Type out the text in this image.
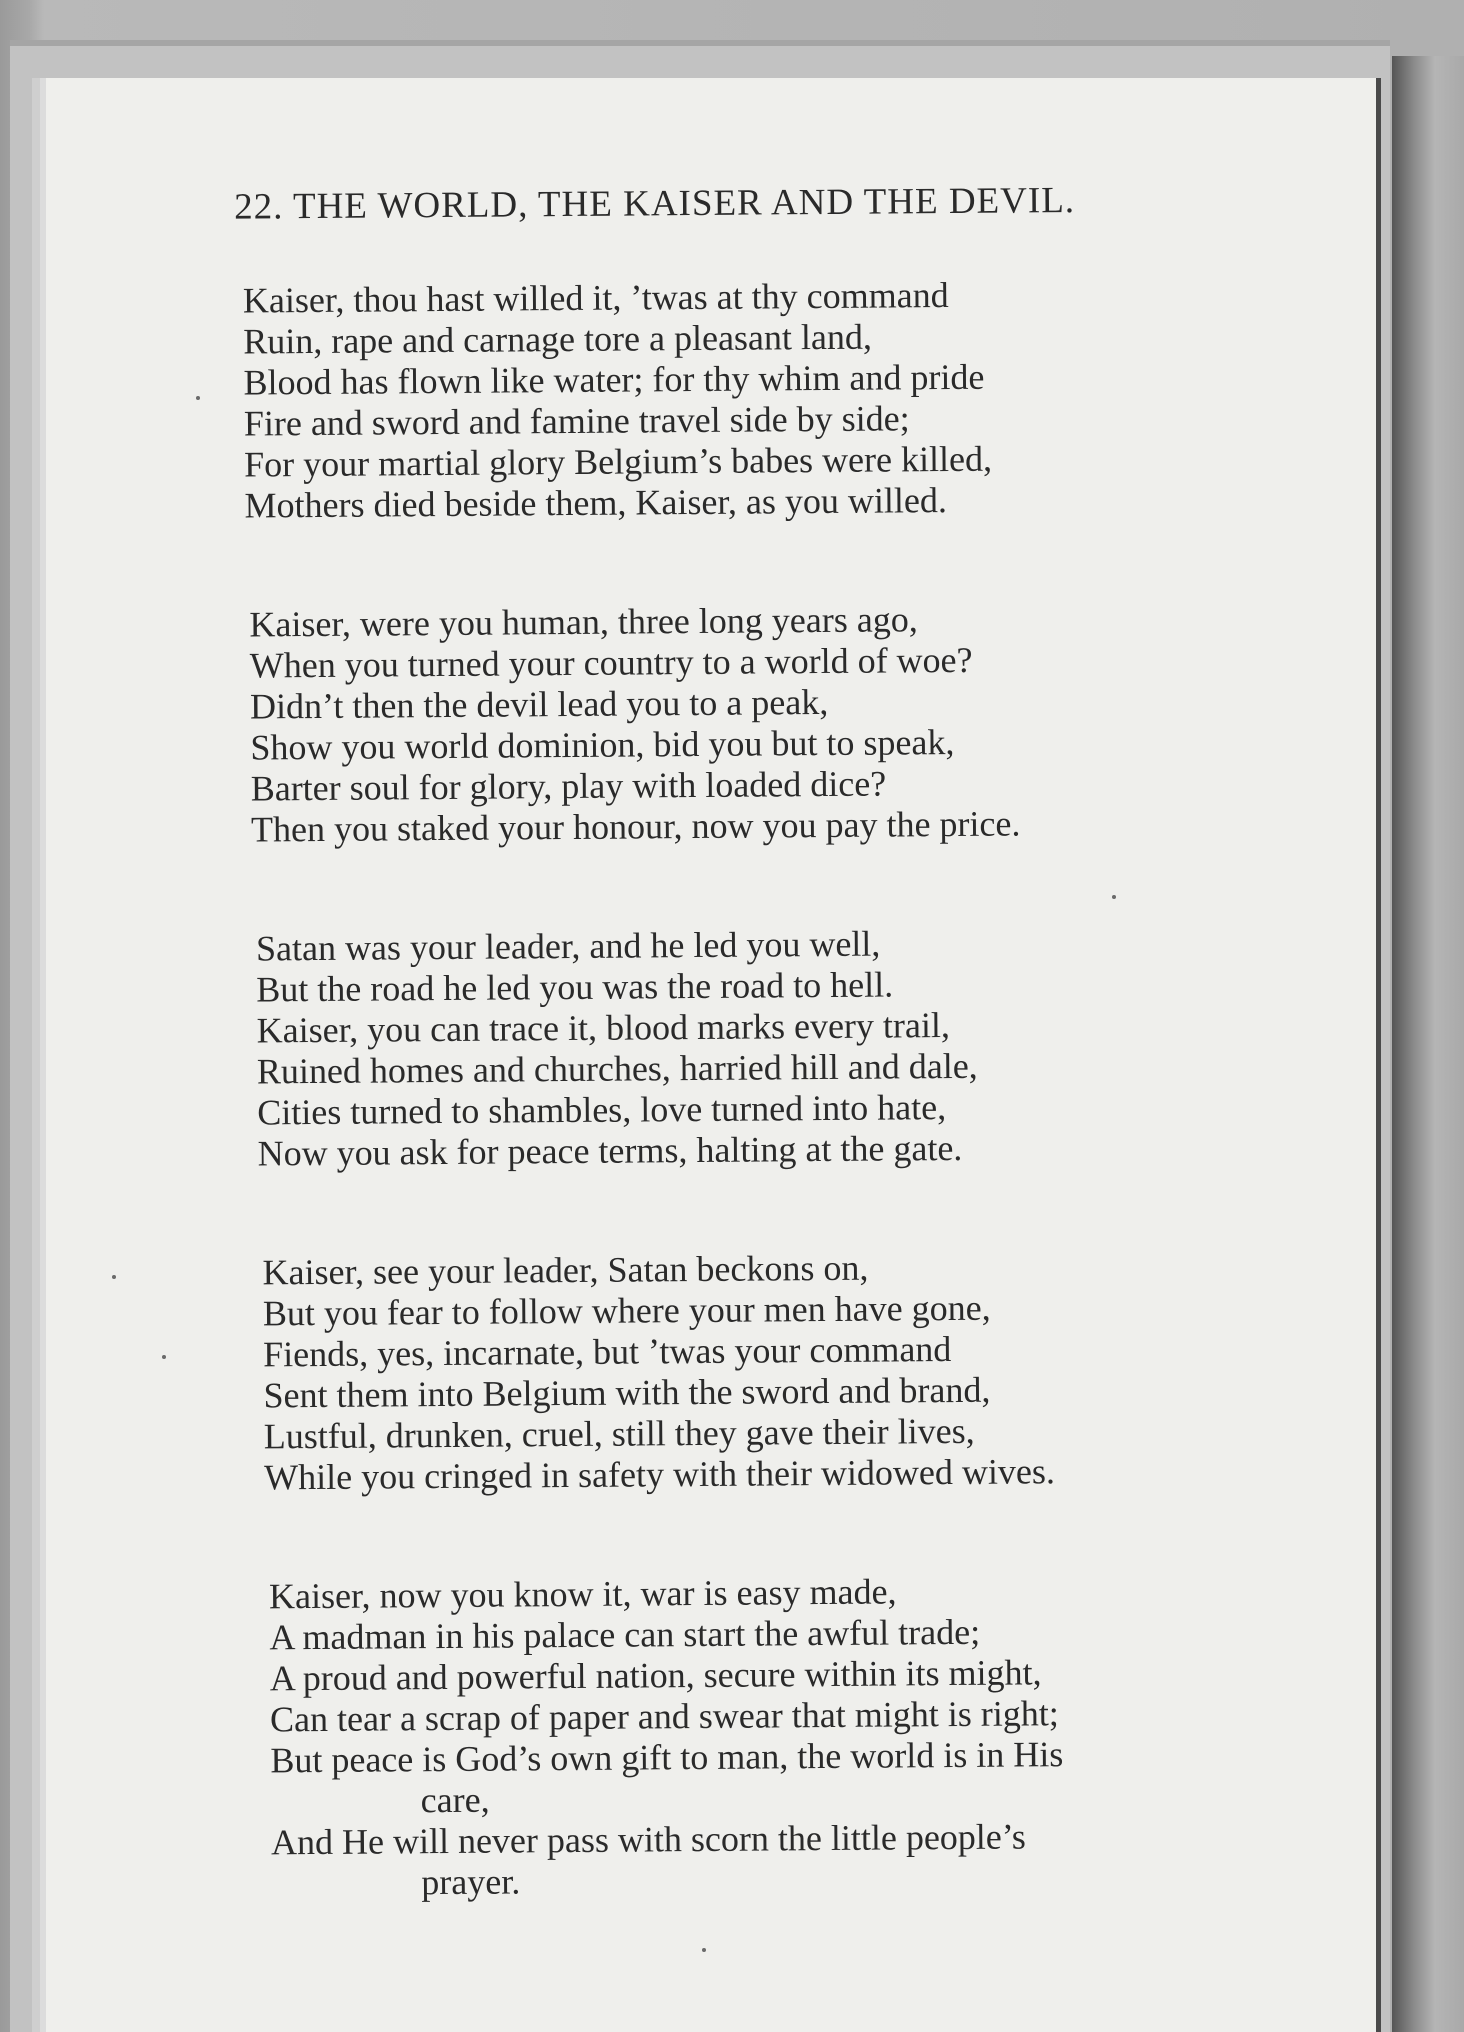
22. THE WORLD, THE KAISER AND THE DEVIL.
Kaiser, thou hast willed it, ’twas at thy command
Ruin, rape and carnage tore a pleasant land,
Blood has flown like water; for thy whim and pride
Fire and sword and famine travel side by side;
For your martial glory Belgium’s babes were killed,
Mothers died beside them, Kaiser, as you willed.
Kaiser, were you human, three long years ago,
When you turned your country to a world of woe?
Didn’t then the devil lead you to a peak,
Show you world dominion, bid you but to speak,
Barter soul for glory, play with loaded dice?
Then you staked your honour, now you pay the price.
Satan was your leader, and he led you well,
But the road he led you was the road to hell.
Kaiser, you can trace it, blood marks every trail,
Ruined homes and churches, harried hill and dale,
Cities turned to shambles, love turned into hate,
Now you ask for peace terms, halting at the gate.
Kaiser, see your leader, Satan beckons on,
But you fear to follow where your men have gone,
Fiends, yes, incarnate, but ’twas your command
Sent them into Belgium with the sword and brand,
Lustful, drunken, cruel, still they gave their lives,
While you cringed in safety with their widowed wives.
Kaiser, now you know it, war is easy made,
A madman in his palace can start the awful trade;
A proud and powerful nation, secure within its might,
Can tear a scrap of paper and swear that might is right;
But peace is God’s own gift to man, the world is in His
care,
And He will never pass with scorn the little people’s
prayer.
